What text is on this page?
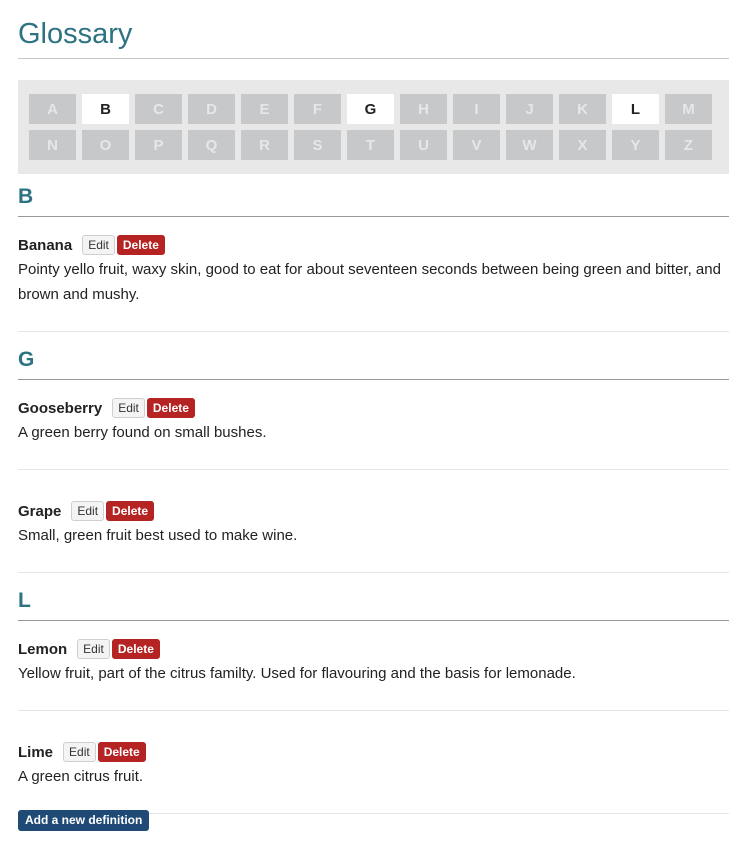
Glossary
A	B	C	D	E	F	G	H	I	J	K	L	M
N	O	P	Q	R	S	T	U	V	W	X	Y	Z
B
Banana	Edit	Delete

Pointy yello fruit, waxy skin, good to eat for about seventeen seconds between being green and bitter, and brown and mushy.

G
Gooseberry	Edit	Delete

A green berry found on small bushes.

Grape	Edit	Delete

Small, green fruit best used to make wine.

L
Lemon	Edit	Delete

Yellow fruit, part of the citrus familty. Used for flavouring and the basis for lemonade.

Lime	Edit	Delete

A green citrus fruit.

Add a new definition
